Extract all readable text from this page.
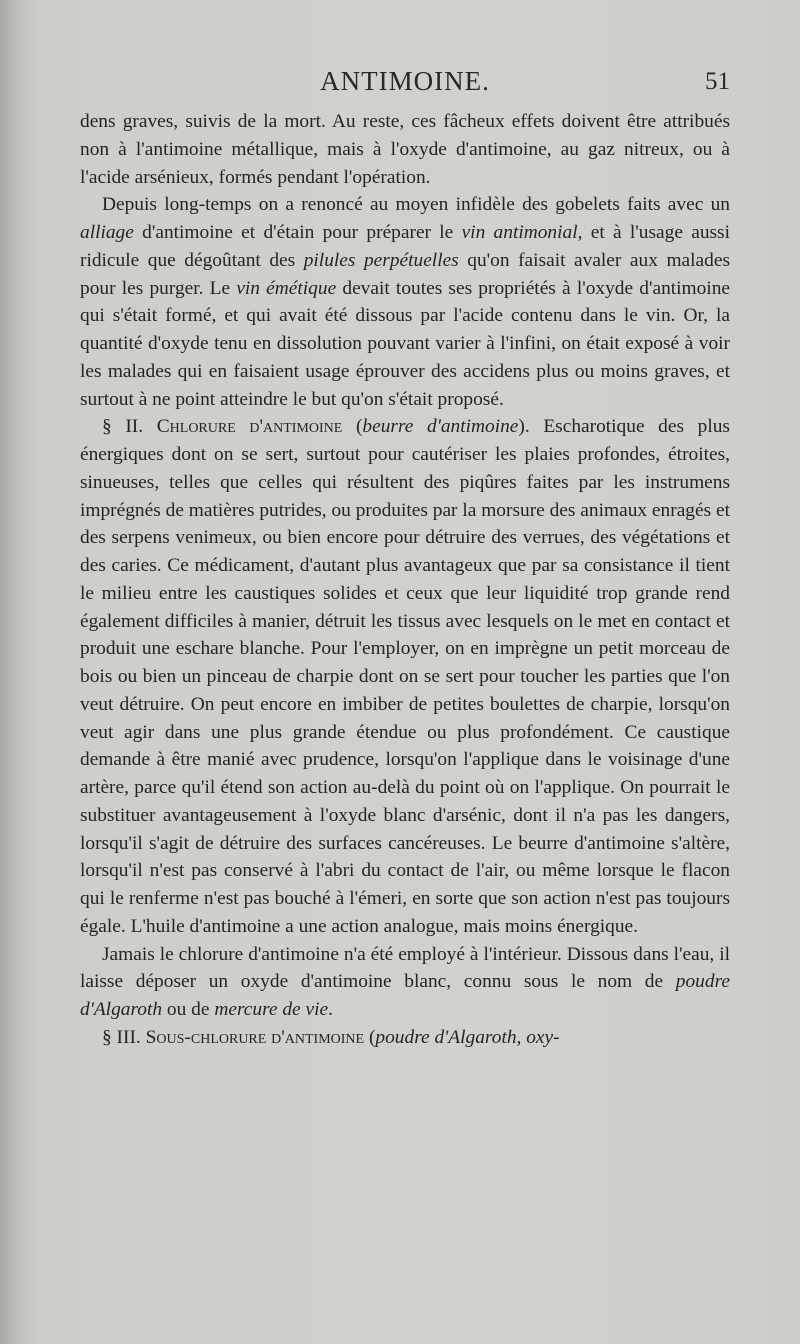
ANTIMOINE.	51

dens graves, suivis de la mort. Au reste, ces fâcheux effets doivent être attribués non à l'antimoine métallique, mais à l'oxyde d'antimoine, au gaz nitreux, ou à l'acide arsénieux, formés pendant l'opération.

Depuis long-temps on a renoncé au moyen infidèle des gobelets faits avec un alliage d'antimoine et d'étain pour préparer le vin antimonial, et à l'usage aussi ridicule que dégoûtant des pilules perpétuelles qu'on faisait avaler aux malades pour les purger. Le vin émétique devait toutes ses propriétés à l'oxyde d'antimoine qui s'était formé, et qui avait été dissous par l'acide contenu dans le vin. Or, la quantité d'oxyde tenu en dissolution pouvant varier à l'infini, on était exposé à voir les malades qui en faisaient usage éprouver des accidens plus ou moins graves, et surtout à ne point atteindre le but qu'on s'était proposé.

§ II. Chlorure d'antimoine (beurre d'antimoine). Escharotique des plus énergiques dont on se sert, surtout pour cautériser les plaies profondes, étroites, sinueuses, telles que celles qui résultent des piqûres faites par les instrumens imprégnés de matières putrides, ou produites par la morsure des animaux enragés et des serpens venimeux, ou bien encore pour détruire des verrues, des végétations et des caries. Ce médicament, d'autant plus avantageux que par sa consistance il tient le milieu entre les caustiques solides et ceux que leur liquidité trop grande rend également difficiles à manier, détruit les tissus avec lesquels on le met en contact et produit une eschare blanche. Pour l'employer, on en imprègne un petit morceau de bois ou bien un pinceau de charpie dont on se sert pour toucher les parties que l'on veut détruire. On peut encore en imbiber de petites boulettes de charpie, lorsqu'on veut agir dans une plus grande étendue ou plus profondément. Ce caustique demande à être manié avec prudence, lorsqu'on l'applique dans le voisinage d'une artère, parce qu'il étend son action au-delà du point où on l'applique. On pourrait le substituer avantageusement à l'oxyde blanc d'arsénic, dont il n'a pas les dangers, lorsqu'il s'agit de détruire des surfaces cancéreuses. Le beurre d'antimoine s'altère, lorsqu'il n'est pas conservé à l'abri du contact de l'air, ou même lorsque le flacon qui le renferme n'est pas bouché à l'émeri, en sorte que son action n'est pas toujours égale. L'huile d'antimoine a une action analogue, mais moins énergique.

Jamais le chlorure d'antimoine n'a été employé à l'intérieur. Dissous dans l'eau, il laisse déposer un oxyde d'antimoine blanc, connu sous le nom de poudre d'Algaroth ou de mercure de vie.

§ III. Sous-chlorure d'antimoine (poudre d'Algaroth, oxy-
